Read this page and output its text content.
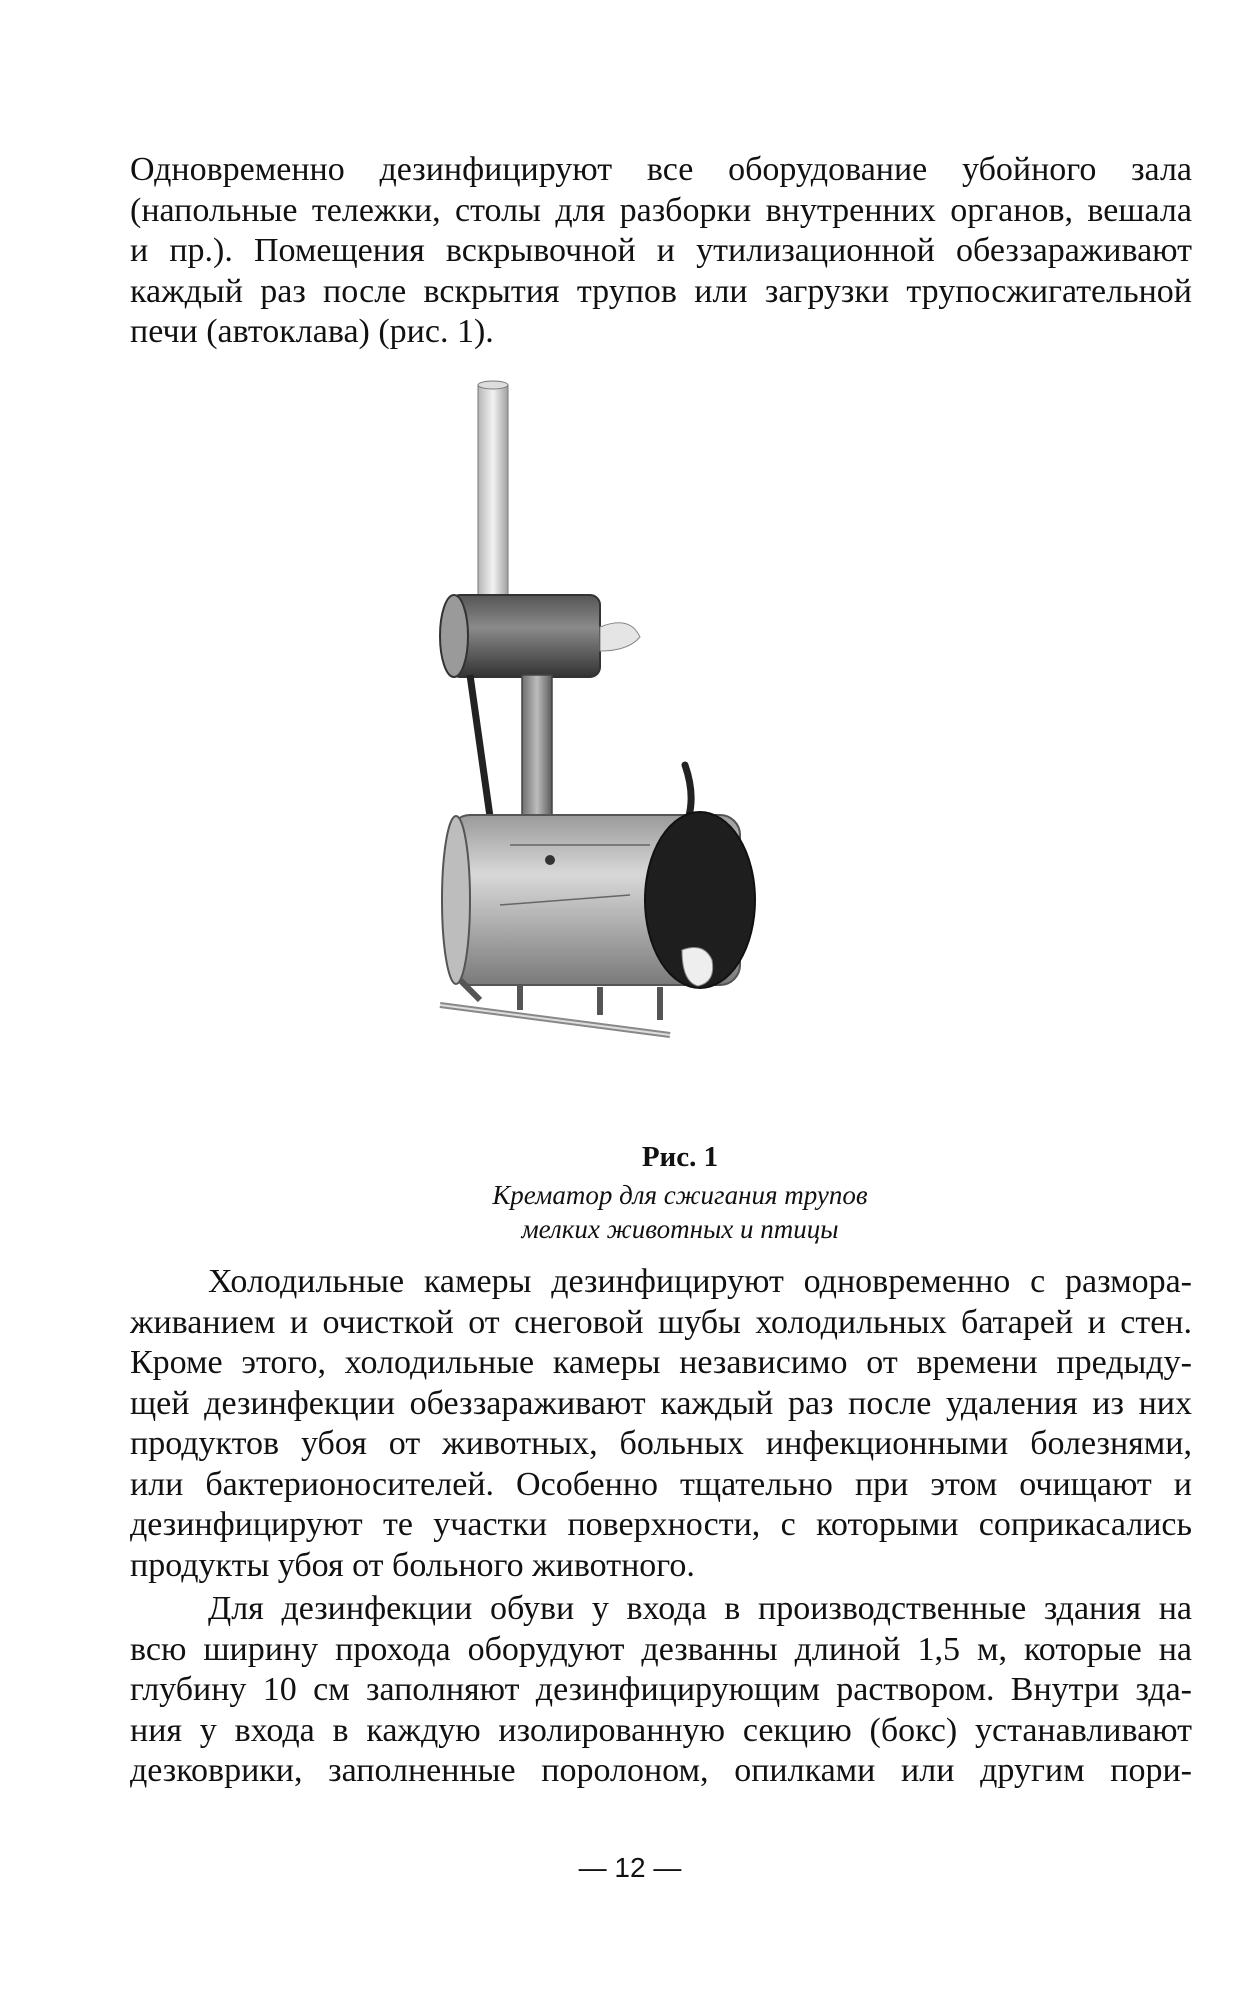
Одновременно дезинфицируют все оборудование убойного зала
(напольные тележки, столы для разборки внутренних органов, вешала
и пр.). Помещения вскрывочной и утилизационной обеззараживают
каждый раз после вскрытия трупов или загрузки трупосжигательной
печи (автоклава) (рис. 1).

Рис. 1
Крематор для сжигания трупов
мелких животных и птицы

Холодильные камеры дезинфицируют одновременно с размора-
живанием и очисткой от снеговой шубы холодильных батарей и стен.
Кроме этого, холодильные камеры независимо от времени предыду-
щей дезинфекции обеззараживают каждый раз после удаления из них
продуктов убоя от животных, больных инфекционными болезнями,
или бактерионосителей. Особенно тщательно при этом очищают и
дезинфицируют те участки поверхности, с которыми соприкасались
продукты убоя от больного животного.

Для дезинфекции обуви у входа в производственные здания на
всю ширину прохода оборудуют дезванны длиной 1,5 м, которые на
глубину 10 см заполняют дезинфицирующим раствором. Внутри зда-
ния у входа в каждую изолированную секцию (бокс) устанавливают
дезковрики, заполненные поролоном, опилками или другим пори-

— 12 —
